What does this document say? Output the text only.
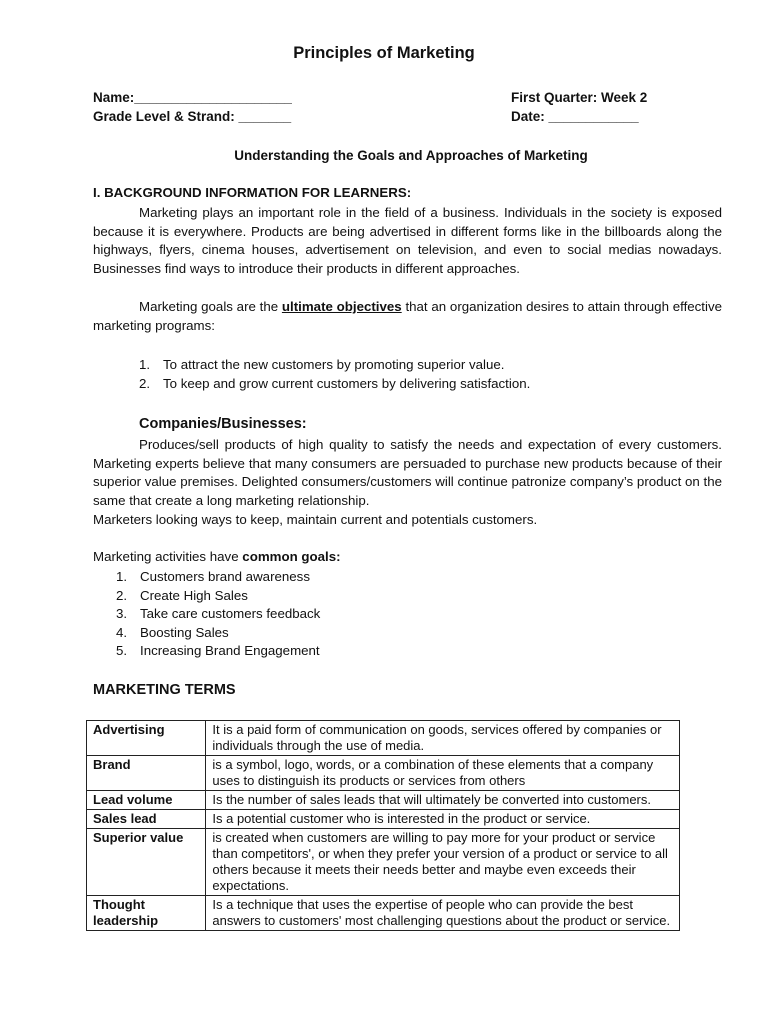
Principles of Marketing
Name:_____________________	First Quarter: Week 2
Grade Level & Strand: _______	Date: ____________
Understanding the Goals and Approaches of Marketing
I. BACKGROUND INFORMATION FOR LEARNERS:
Marketing plays an important role in the field of a business. Individuals in the society is exposed because it is everywhere. Products are being advertised in different forms like in the billboards along the highways, flyers, cinema houses, advertisement on television, and even to social medias nowadays. Businesses find ways to introduce their products in different approaches.
Marketing goals are the ultimate objectives that an organization desires to attain through effective marketing programs:
1. To attract the new customers by promoting superior value.
2. To keep and grow current customers by delivering satisfaction.
Companies/Businesses:
Produces/sell products of high quality to satisfy the needs and expectation of every customers. Marketing experts believe that many consumers are persuaded to purchase new products because of their superior value premises. Delighted consumers/customers will continue patronize company’s product on the same that create a long marketing relationship.
Marketers looking ways to keep, maintain current and potentials customers.
Marketing activities have common goals:
1. Customers brand awareness
2. Create High Sales
3. Take care customers feedback
4. Boosting Sales
5. Increasing Brand Engagement
MARKETING TERMS
Advertising	It is a paid form of communication on goods, services offered by companies or individuals through the use of media.
Brand	is a symbol, logo, words, or a combination of these elements that a company uses to distinguish its products or services from others
Lead volume	Is the number of sales leads that will ultimately be converted into customers.
Sales lead	Is a potential customer who is interested in the product or service.
Superior value	is created when customers are willing to pay more for your product or service than competitors', or when they prefer your version of a product or service to all others because it meets their needs better and maybe even exceeds their expectations.
Thought leadership	Is a technique that uses the expertise of people who can provide the best answers to customers' most challenging questions about the product or service.
